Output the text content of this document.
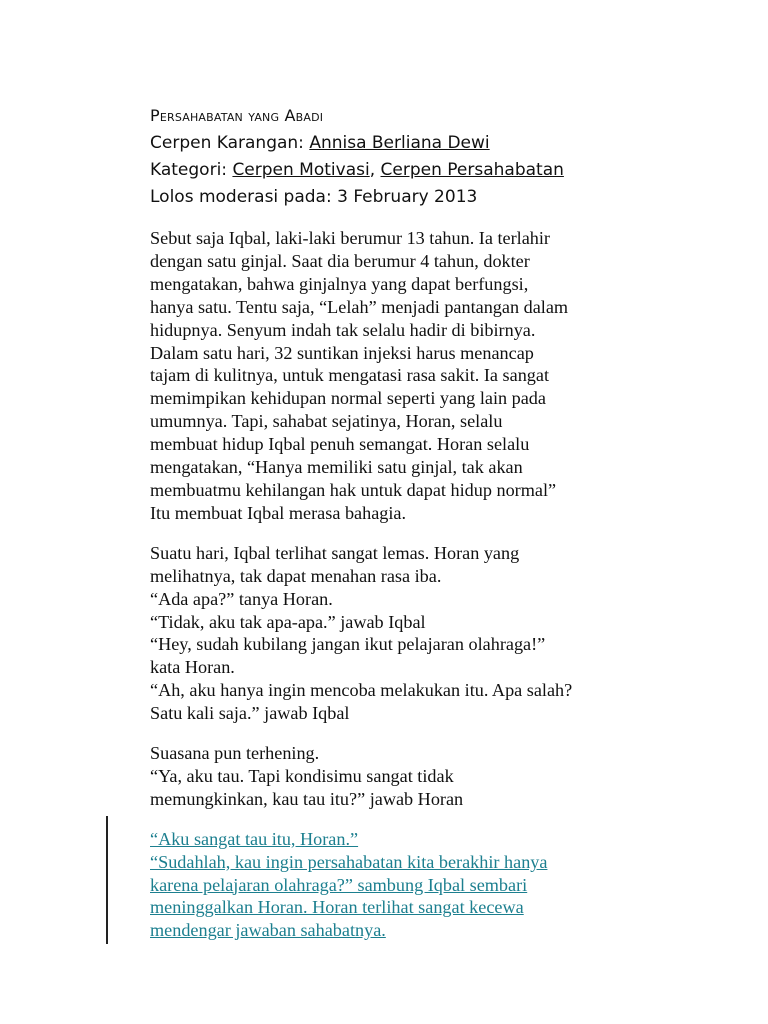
Persahabatan yang Abadi
Cerpen Karangan: Annisa Berliana Dewi
Kategori: Cerpen Motivasi, Cerpen Persahabatan
Lolos moderasi pada: 3 February 2013
Sebut saja Iqbal, laki-laki berumur 13 tahun. Ia terlahir
dengan satu ginjal. Saat dia berumur 4 tahun, dokter
mengatakan, bahwa ginjalnya yang dapat berfungsi,
hanya satu. Tentu saja, “Lelah” menjadi pantangan dalam
hidupnya. Senyum indah tak selalu hadir di bibirnya.
Dalam satu hari, 32 suntikan injeksi harus menancap
tajam di kulitnya, untuk mengatasi rasa sakit. Ia sangat
memimpikan kehidupan normal seperti yang lain pada
umumnya. Tapi, sahabat sejatinya, Horan, selalu
membuat hidup Iqbal penuh semangat. Horan selalu
mengatakan, “Hanya memiliki satu ginjal, tak akan
membuatmu kehilangan hak untuk dapat hidup normal”
Itu membuat Iqbal merasa bahagia.
Suatu hari, Iqbal terlihat sangat lemas. Horan yang
melihatnya, tak dapat menahan rasa iba.
“Ada apa?” tanya Horan.
“Tidak, aku tak apa-apa.” jawab Iqbal
“Hey, sudah kubilang jangan ikut pelajaran olahraga!”
kata Horan.
“Ah, aku hanya ingin mencoba melakukan itu. Apa salah?
Satu kali saja.” jawab Iqbal
Suasana pun terhening.
“Ya, aku tau. Tapi kondisimu sangat tidak
memungkinkan, kau tau itu?” jawab Horan
“Aku sangat tau itu, Horan.”
“Sudahlah, kau ingin persahabatan kita berakhir hanya
karena pelajaran olahraga?” sambung Iqbal sembari
meninggalkan Horan. Horan terlihat sangat kecewa
mendengar jawaban sahabatnya.
